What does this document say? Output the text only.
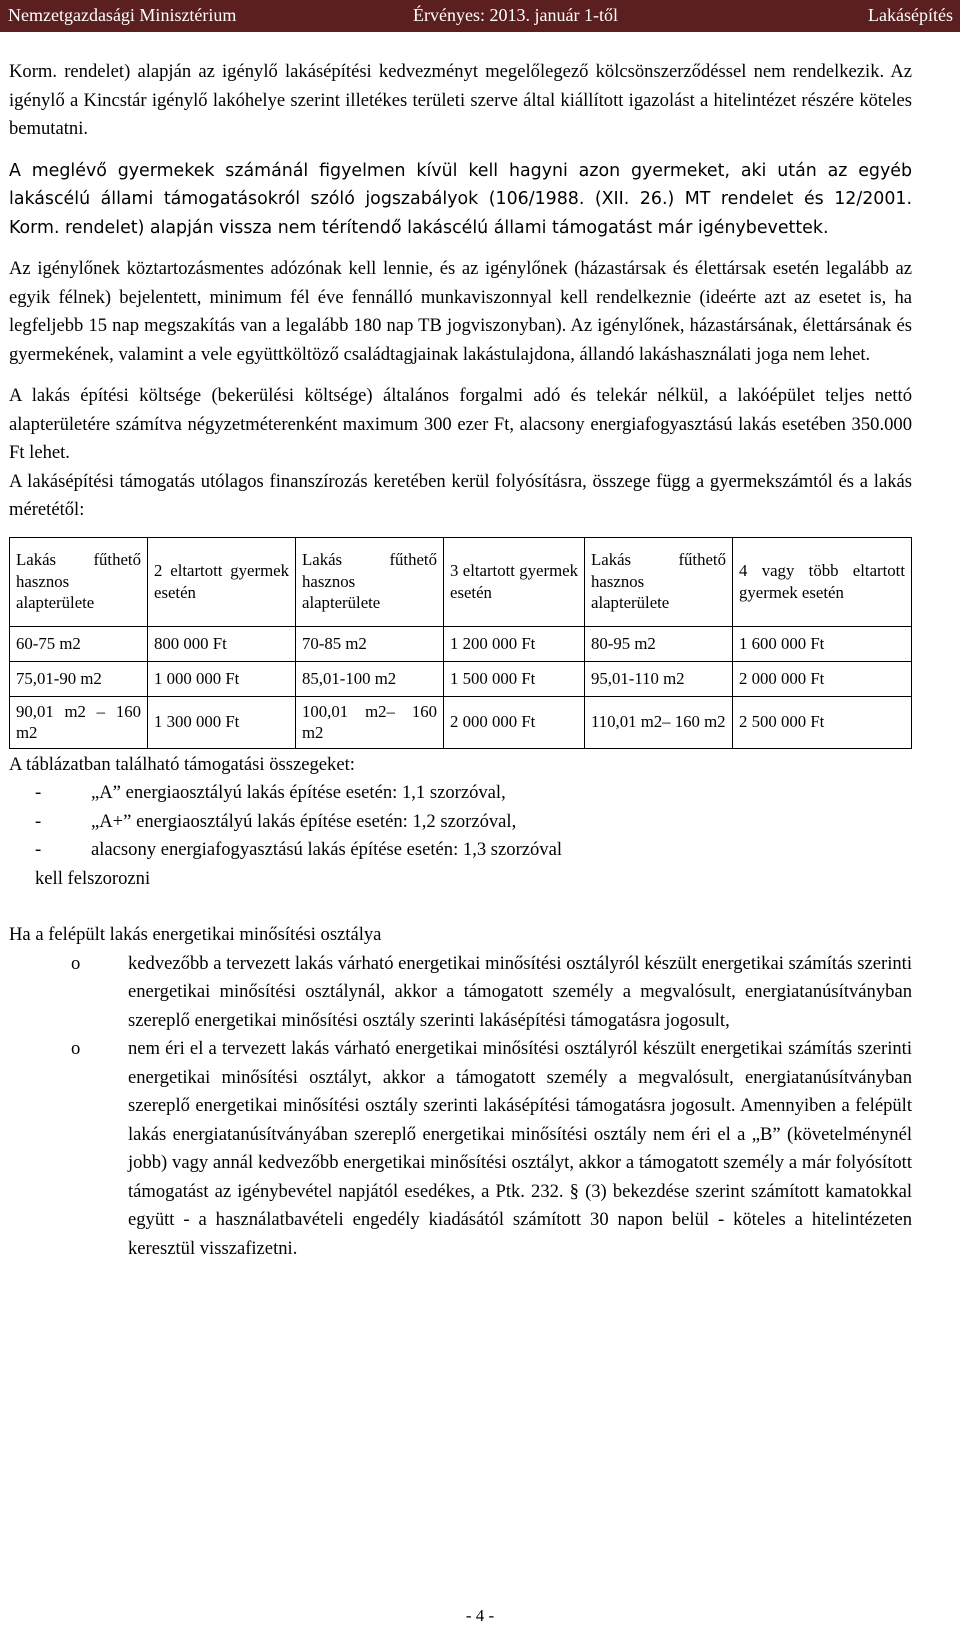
Nemzetgazdasági Minisztérium	Érvényes: 2013. január 1-től	Lakásépítés

Korm. rendelet) alapján az igénylő lakásépítési kedvezményt megelőlegező kölcsönszerződéssel nem rendelkezik. Az igénylő a Kincstár igénylő lakóhelye szerint illetékes területi szerve által kiállított igazolást a hitelintézet részére köteles bemutatni.

A meglévő gyermekek számánál figyelmen kívül kell hagyni azon gyermeket, aki után az egyéb lakáscélú állami támogatásokról szóló jogszabályok (106/1988. (XII. 26.) MT rendelet és 12/2001. Korm. rendelet) alapján vissza nem térítendő lakáscélú állami támogatást már igénybevettek.

Az igénylőnek köztartozásmentes adózónak kell lennie, és az igénylőnek (házastársak és élettársak esetén legalább az egyik félnek) bejelentett, minimum fél éve fennálló munkaviszonnyal kell rendelkeznie (ideérte azt az esetet is, ha legfeljebb 15 nap megszakítás van a legalább 180 nap TB jogviszonyban). Az igénylőnek, házastársának, élettársának és gyermekének, valamint a vele együttköltöző családtagjainak lakástulajdona, állandó lakáshasználati joga nem lehet.

A lakás építési költsége (bekerülési költsége) általános forgalmi adó és telekár nélkül, a lakóépület teljes nettó alapterületére számítva négyzetméterenként maximum 300 ezer Ft, alacsony energiafogyasztású lakás esetében 350.000 Ft lehet.

A lakásépítési támogatás utólagos finanszírozás keretében kerül folyósításra, összege függ a gyermekszámtól és a lakás méretétől:

Lakás fűthető hasznos alapterülete	2 eltartott gyermek esetén	Lakás fűthető hasznos alapterülete	3 eltartott gyermek esetén	Lakás fűthető hasznos alapterülete	4 vagy több eltartott gyermek esetén
60-75 m2	800 000 Ft	70-85 m2	1 200 000 Ft	80-95 m2	1 600 000 Ft
75,01-90 m2	1 000 000 Ft	85,01-100 m2	1 500 000 Ft	95,01-110 m2	2 000 000 Ft
90,01 m2 – 160 m2	1 300 000 Ft	100,01 m2– 160 m2	2 000 000 Ft	110,01 m2– 160 m2	2 500 000 Ft

A táblázatban található támogatási összegeket:

-	„A” energiaosztályú lakás építése esetén: 1,1 szorzóval,
-	„A+” energiaosztályú lakás építése esetén: 1,2 szorzóval,
-	alacsony energiafogyasztású lakás építése esetén: 1,3 szorzóval

kell felszorozni

Ha a felépült lakás energetikai minősítési osztálya

o	kedvezőbb a tervezett lakás várható energetikai minősítési osztályról készült energetikai számítás szerinti energetikai minősítési osztálynál, akkor a támogatott személy a megvalósult, energiatanúsítványban szereplő energetikai minősítési osztály szerinti lakásépítési támogatásra jogosult,
o	nem éri el a tervezett lakás várható energetikai minősítési osztályról készült energetikai számítás szerinti energetikai minősítési osztályt, akkor a támogatott személy a megvalósult, energiatanúsítványban szereplő energetikai minősítési osztály szerinti lakásépítési támogatásra jogosult. Amennyiben a felépült lakás energiatanúsítványában szereplő energetikai minősítési osztály nem éri el a „B” (követelménynél jobb) vagy annál kedvezőbb energetikai minősítési osztályt, akkor a támogatott személy a már folyósított támogatást az igénybevétel napjától esedékes, a Ptk. 232. § (3) bekezdése szerint számított kamatokkal együtt - a használatbavételi engedély kiadásától számított 30 napon belül - köteles a hitelintézeten keresztül visszafizetni.
- 4 -
